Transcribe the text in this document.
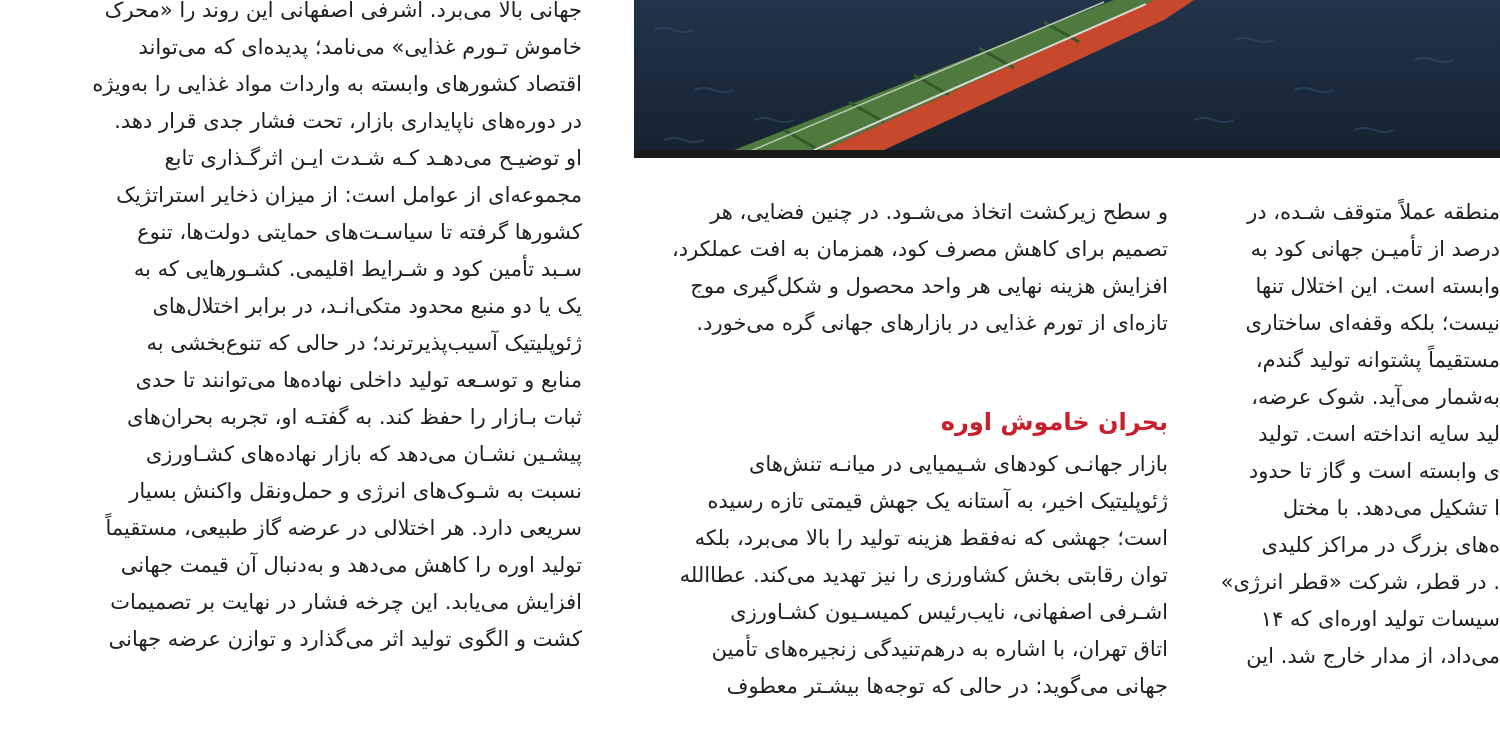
جهانی بالا می‌برد. اشرفی اصفهانی این روند را «محرک
خاموش تـورم غذایی» می‌نامد؛ پدیده‌ای که می‌تواند
اقتصاد کشورهای وابسته به واردات مواد غذایی را به‌ویژه
در دوره‌های ناپایداری بازار، تحت فشار جدی قرار دهد.
او توضیـح می‌دهـد کـه شـدت ایـن اثرگـذاری تابع
مجموعه‌ای از عوامل است: از میزان ذخایر استراتژیک
کشورها گرفته تا سیاسـت‌های حمایتی دولت‌ها، تنوع
سـبد تأمین کود و شـرایط اقلیمی. کشـورهایی که به
یک یا دو منبع محدود متکی‌انـد، در برابر اختلال‌های
ژئوپلیتیک آسیب‌پذیرترند؛ در حالی که تنوع‌بخشی به
منابع و توسـعه تولید داخلی نهاده‌ها می‌توانند تا حدی
ثبات بـازار را حفظ کند. به گفتـه او، تجربه بحران‌های
پیشـین نشـان می‌دهد که بازار نهاده‌های کشـاورزی
نسبت به شـوک‌های انرژی و حمل‌ونقل واکنش بسیار
سریعی دارد. هر اختلالی در عرضه گاز طبیعی، مستقیماً
تولید اوره را کاهش می‌دهد و به‌دنبال آن قیمت جهانی
افزایش می‌یابد. این چرخه فشار در نهایت بر تصمیمات
کشت و الگوی تولید اثر می‌گذارد و توازن عرضه جهانی
و سطح زیرکشت اتخاذ می‌شـود. در چنین فضایی، هر
تصمیم برای کاهش مصرف کود، همزمان به افت عملکرد،
افزایش هزینه نهایی هر واحد محصول و شکل‌گیری موج
تازه‌ای از تورم غذایی در بازارهای جهانی گره می‌خورد.
بحران خاموش اوره
بازار جهانـی کودهای شـیمیایی در میانـه تنش‌های
ژئوپلیتیک اخیر، به آستانه یک جهش قیمتی تازه رسیده
است؛ جهشی که نه‌فقط هزینه تولید را بالا می‌برد، بلکه
توان رقابتی بخش کشاورزی را نیز تهدید می‌کند. عطاالله
اشـرفی اصفهانی، نایب‌رئیس کمیسـیون کشـاورزی
اتاق تهران، با اشاره به درهم‌تنیدگی زنجیره‌های تأمین
جهانی می‌گوید: در حالی که توجه‌ها بیشـتر معطوف
منطقه عملاً متوقف شـده، در
درصد از تأمیـن جهانی کود به
وابسته است. این اختلال تنها
نیست؛ بلکه وقفه‌ای ساختاری
مستقیماً پشتوانه تولید گندم،
به‌شمار می‌آید. شوک عرضه،
لید سایه انداخته است. تولید
ی وابسته است و گاز تا حدود
ا تشکیل می‌دهد. با مختل
ه‌های بزرگ در مراکز کلیدی
. در قطر، شرکت «قطر انرژی»
سیسات تولید اوره‌ای که ۱۴
می‌داد، از مدار خارج شد. این
